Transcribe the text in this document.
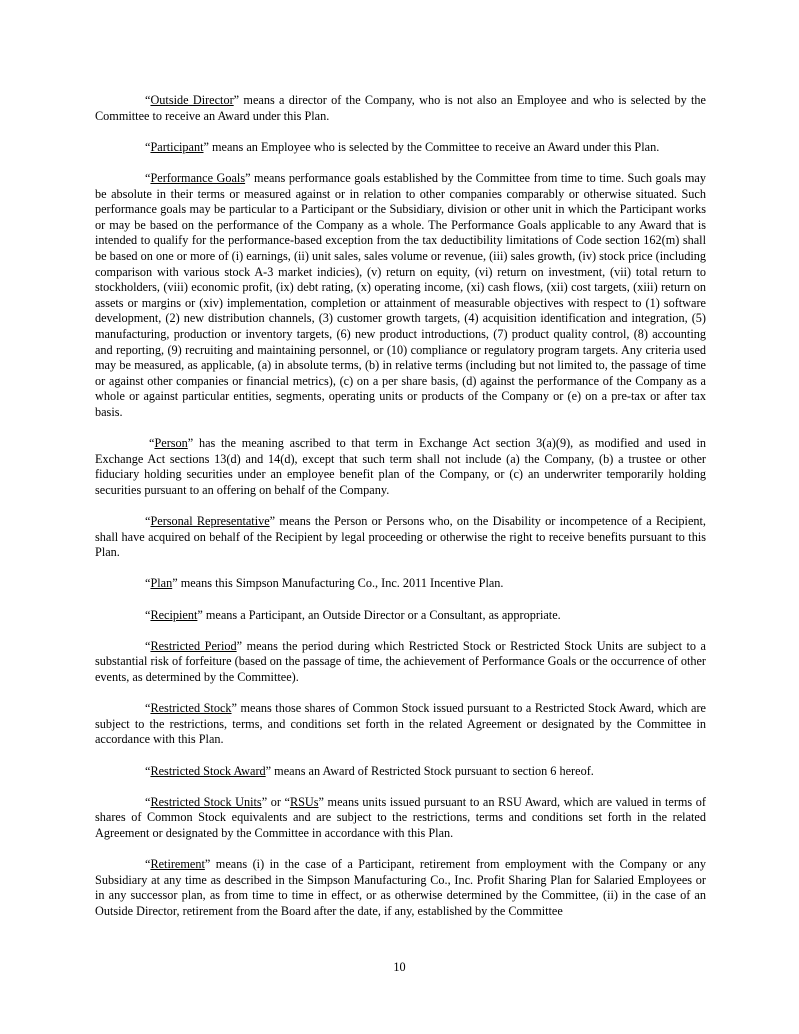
“Outside Director” means a director of the Company, who is not also an Employee and who is selected by the Committee to receive an Award under this Plan.

“Participant” means an Employee who is selected by the Committee to receive an Award under this Plan.

“Performance Goals” means performance goals established by the Committee from time to time. Such goals may be absolute in their terms or measured against or in relation to other companies comparably or otherwise situated. Such performance goals may be particular to a Participant or the Subsidiary, division or other unit in which the Participant works or may be based on the performance of the Company as a whole. The Performance Goals applicable to any Award that is intended to qualify for the performance-based exception from the tax deductibility limitations of Code section 162(m) shall be based on one or more of (i) earnings, (ii) unit sales, sales volume or revenue, (iii) sales growth, (iv) stock price (including comparison with various stock A-3 market indicies), (v) return on equity, (vi) return on investment, (vii) total return to stockholders, (viii) economic profit, (ix) debt rating, (x) operating income, (xi) cash flows, (xii) cost targets, (xiii) return on assets or margins or (xiv) implementation, completion or attainment of measurable objectives with respect to (1) software development, (2) new distribution channels, (3) customer growth targets, (4) acquisition identification and integration, (5) manufacturing, production or inventory targets, (6) new product introductions, (7) product quality control, (8) accounting and reporting, (9) recruiting and maintaining personnel, or (10) compliance or regulatory program targets. Any criteria used may be measured, as applicable, (a) in absolute terms, (b) in relative terms (including but not limited to, the passage of time or against other companies or financial metrics), (c) on a per share basis, (d) against the performance of the Company as a whole or against particular entities, segments, operating units or products of the Company or (e) on a pre-tax or after tax basis.

“Person” has the meaning ascribed to that term in Exchange Act section 3(a)(9), as modified and used in Exchange Act sections 13(d) and 14(d), except that such term shall not include (a) the Company, (b) a trustee or other fiduciary holding securities under an employee benefit plan of the Company, or (c) an underwriter temporarily holding securities pursuant to an offering on behalf of the Company.

“Personal Representative” means the Person or Persons who, on the Disability or incompetence of a Recipient, shall have acquired on behalf of the Recipient by legal proceeding or otherwise the right to receive benefits pursuant to this Plan.

“Plan” means this Simpson Manufacturing Co., Inc. 2011 Incentive Plan.

“Recipient” means a Participant, an Outside Director or a Consultant, as appropriate.

“Restricted Period” means the period during which Restricted Stock or Restricted Stock Units are subject to a substantial risk of forfeiture (based on the passage of time, the achievement of Performance Goals or the occurrence of other events, as determined by the Committee).

“Restricted Stock” means those shares of Common Stock issued pursuant to a Restricted Stock Award, which are subject to the restrictions, terms, and conditions set forth in the related Agreement or designated by the Committee in accordance with this Plan.

“Restricted Stock Award” means an Award of Restricted Stock pursuant to section 6 hereof.

“Restricted Stock Units” or “RSUs” means units issued pursuant to an RSU Award, which are valued in terms of shares of Common Stock equivalents and are subject to the restrictions, terms and conditions set forth in the related Agreement or designated by the Committee in accordance with this Plan.

“Retirement” means (i) in the case of a Participant, retirement from employment with the Company or any Subsidiary at any time as described in the Simpson Manufacturing Co., Inc. Profit Sharing Plan for Salaried Employees or in any successor plan, as from time to time in effect, or as otherwise determined by the Committee, (ii) in the case of an Outside Director, retirement from the Board after the date, if any, established by the Committee

10
